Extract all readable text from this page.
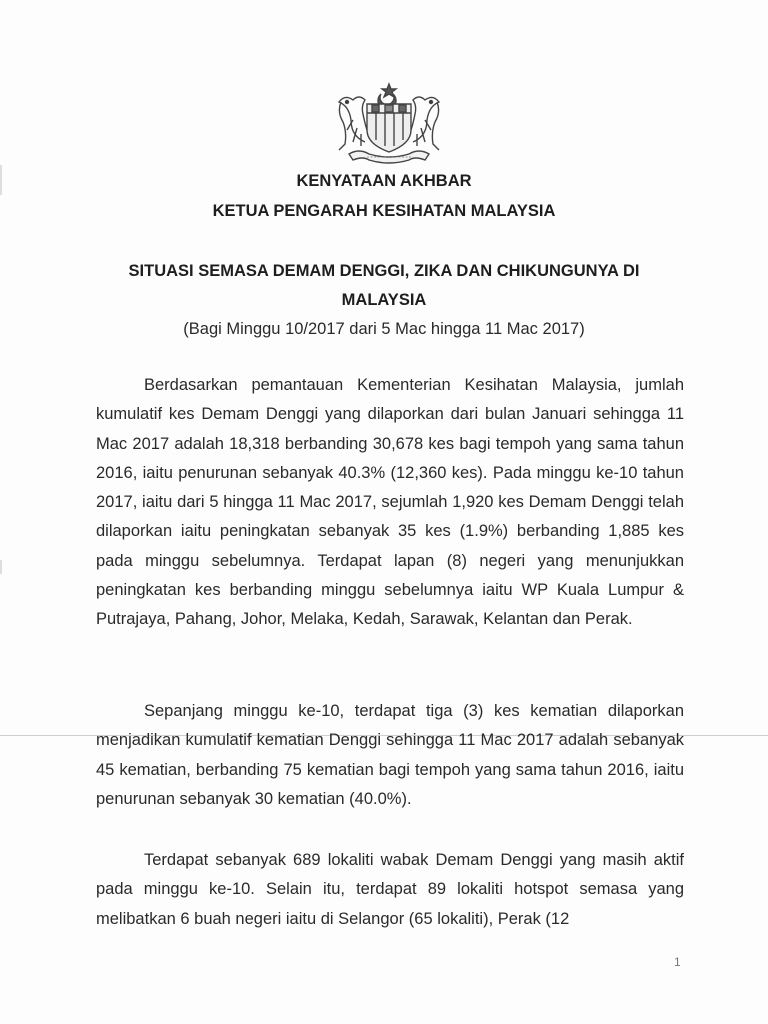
KENYATAAN AKHBAR
KETUA PENGARAH KESIHATAN MALAYSIA
SITUASI SEMASA DEMAM DENGGI, ZIKA DAN CHIKUNGUNYA DI
MALAYSIA
(Bagi Minggu 10/2017 dari 5 Mac hingga 11 Mac 2017)

Berdasarkan pemantauan Kementerian Kesihatan Malaysia, jumlah kumulatif kes Demam Denggi yang dilaporkan dari bulan Januari sehingga 11 Mac 2017 adalah 18,318 berbanding 30,678 kes bagi tempoh yang sama tahun 2016, iaitu penurunan sebanyak 40.3% (12,360 kes). Pada minggu ke-10 tahun 2017, iaitu dari 5 hingga 11 Mac 2017, sejumlah 1,920 kes Demam Denggi telah dilaporkan iaitu peningkatan sebanyak 35 kes (1.9%) berbanding 1,885 kes pada minggu sebelumnya. Terdapat lapan (8) negeri yang menunjukkan peningkatan kes berbanding minggu sebelumnya iaitu WP Kuala Lumpur & Putrajaya, Pahang, Johor, Melaka, Kedah, Sarawak, Kelantan dan Perak.

Sepanjang minggu ke-10, terdapat tiga (3) kes kematian dilaporkan menjadikan kumulatif kematian Denggi sehingga 11 Mac 2017 adalah sebanyak 45 kematian, berbanding 75 kematian bagi tempoh yang sama tahun 2016, iaitu penurunan sebanyak 30 kematian (40.0%).

Terdapat sebanyak 689 lokaliti wabak Demam Denggi yang masih aktif pada minggu ke-10. Selain itu, terdapat 89 lokaliti hotspot semasa yang melibatkan 6 buah negeri iaitu di Selangor (65 lokaliti), Perak (12

1
